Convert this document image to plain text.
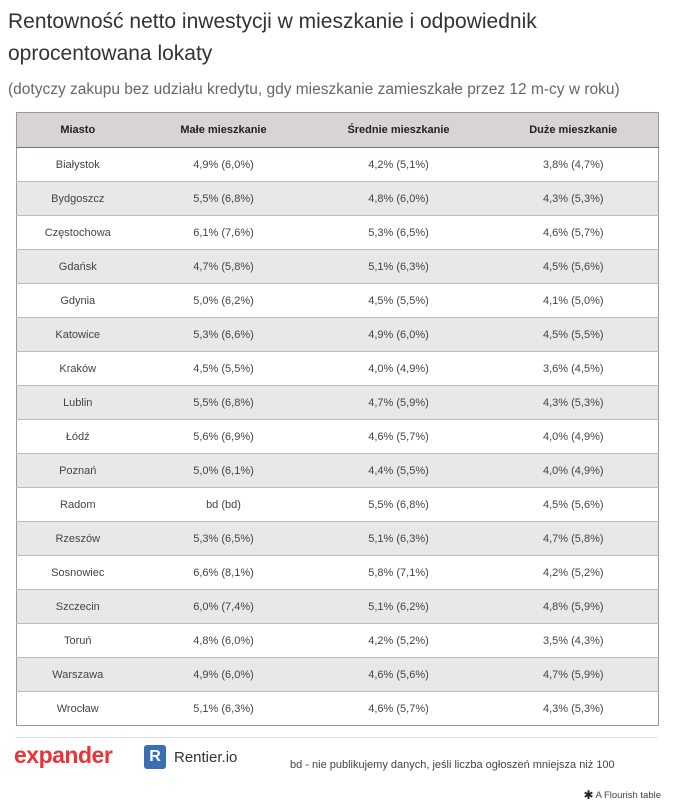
Rentowność netto inwestycji w mieszkanie i odpowiednik oprocentowana lokaty
(dotyczy zakupu bez udziału kredytu, gdy mieszkanie zamieszkałe przez 12 m-cy w roku)
Miasto	Małe mieszkanie	Średnie mieszkanie	Duże mieszkanie
Białystok	4,9% (6,0%)	4,2% (5,1%)	3,8% (4,7%)
Bydgoszcz	5,5% (6,8%)	4,8% (6,0%)	4,3% (5,3%)
Częstochowa	6,1% (7,6%)	5,3% (6,5%)	4,6% (5,7%)
Gdańsk	4,7% (5,8%)	5,1% (6,3%)	4,5% (5,6%)
Gdynia	5,0% (6,2%)	4,5% (5,5%)	4,1% (5,0%)
Katowice	5,3% (6,6%)	4,9% (6,0%)	4,5% (5,5%)
Kraków	4,5% (5,5%)	4,0% (4,9%)	3,6% (4,5%)
Lublin	5,5% (6,8%)	4,7% (5,9%)	4,3% (5,3%)
Łódź	5,6% (6,9%)	4,6% (5,7%)	4,0% (4,9%)
Poznań	5,0% (6,1%)	4,4% (5,5%)	4,0% (4,9%)
Radom	bd (bd)	5,5% (6,8%)	4,5% (5,6%)
Rzeszów	5,3% (6,5%)	5,1% (6,3%)	4,7% (5,8%)
Sosnowiec	6,6% (8,1%)	5,8% (7,1%)	4,2% (5,2%)
Szczecin	6,0% (7,4%)	5,1% (6,2%)	4,8% (5,9%)
Toruń	4,8% (6,0%)	4,2% (5,2%)	3,5% (4,3%)
Warszawa	4,9% (6,0%)	4,6% (5,6%)	4,7% (5,9%)
Wrocław	5,1% (6,3%)	4,6% (5,7%)	4,3% (5,3%)
expander	R Rentier.io	bd - nie publikujemy danych, jeśli liczba ogłoszeń mniejsza niż 100
✱ A Flourish table
